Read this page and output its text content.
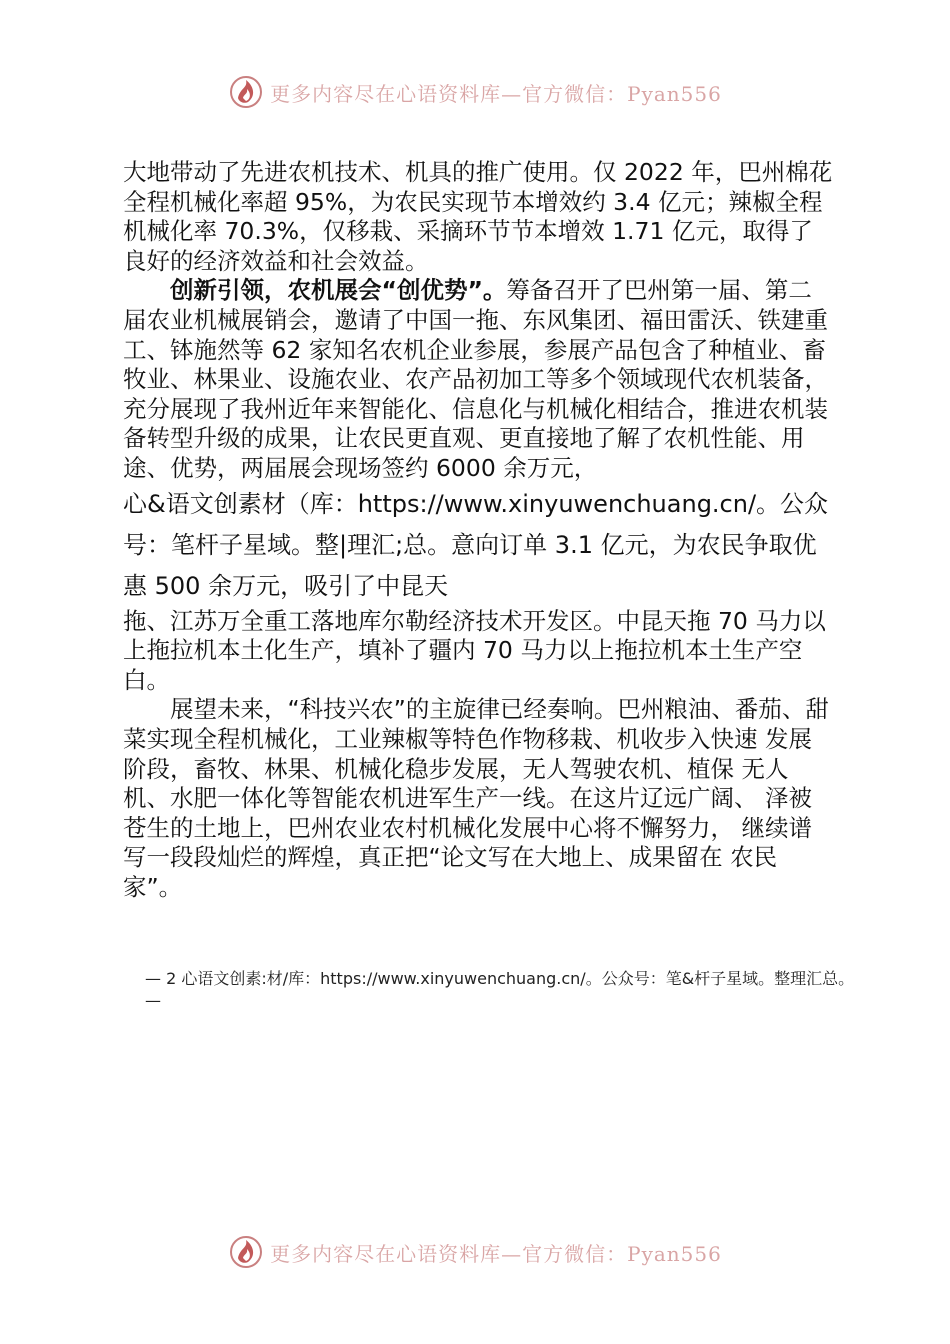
更多内容尽在心语资料库—官方微信：Pyan556

大地带动了先进农机技术、机具的推广使用。仅 2022 年，巴州棉花全程机械化率超 95%，为农民实现节本增效约 3.4 亿元；辣椒全程机械化率 70.3%，仅移栽、采摘环节节本增效 1.71 亿元，取得了良好的经济效益和社会效益。

创新引领，农机展会“创优势”。筹备召开了巴州第一届、第二届农业机械展销会，邀请了中国一拖、东风集团、福田雷沃、铁建重工、钵施然等 62 家知名农机企业参展，参展产品包含了种植业、畜牧业、林果业、设施农业、农产品初加工等多个领域现代农机装备，充分展现了我州近年来智能化、信息化与机械化相结合，推进农机装备转型升级的成果，让农民更直观、更直接地了解了农机性能、用途、优势，两届展会现场签约 6000 余万元，

心&语文创素材（库：https://www.xinyuwenchuang.cn/。公众号：笔杆子星域。整|理汇;总。意向订单 3.1 亿元，为农民争取优惠 500 余万元，吸引了中昆天

拖、江苏万全重工落地库尔勒经济技术开发区。中昆天拖 70 马力以上拖拉机本土化生产，填补了疆内 70 马力以上拖拉机本土生产空白。

展望未来，“科技兴农”的主旋律已经奏响。巴州粮油、番茄、甜菜实现全程机械化，工业辣椒等特色作物移栽、机收步入快速 发展阶段，畜牧、林果、机械化稳步发展，无人驾驶农机、植保 无人机、水肥一体化等智能农机进军生产一线。在这片辽远广阔、 泽被苍生的土地上，巴州农业农村机械化发展中心将不懈努力， 继续谱写一段段灿烂的辉煌，真正把“论文写在大地上、成果留在 农民家”。

— 2 心语文创素:材/库：https://www.xinyuwenchuang.cn/。公众号：笔&杆子星域。整理汇总。—
更多内容尽在心语资料库—官方微信：Pyan556
